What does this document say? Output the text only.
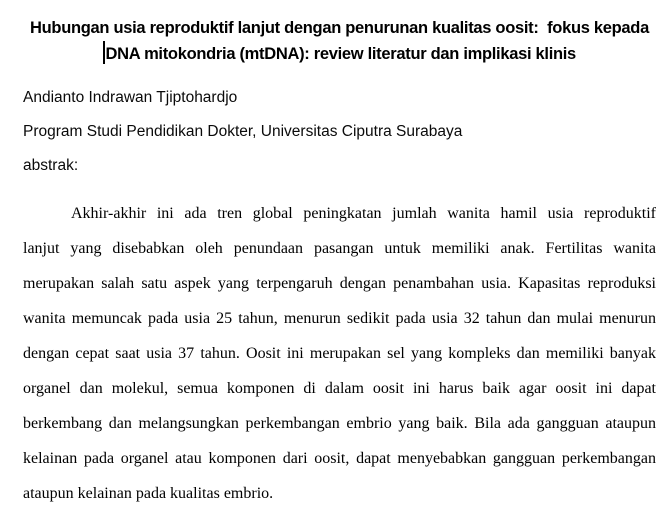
Hubungan usia reproduktif lanjut dengan penurunan kualitas oosit:  fokus kepada
DNA mitokondria (mtDNA): review literatur dan implikasi klinis

Andianto Indrawan Tjiptohardjo

Program Studi Pendidikan Dokter, Universitas Ciputra Surabaya

abstrak:

Akhir-akhir ini ada tren global peningkatan jumlah wanita hamil usia reproduktif
lanjut yang disebabkan oleh penundaan pasangan untuk memiliki anak. Fertilitas wanita
merupakan salah satu aspek yang terpengaruh dengan penambahan usia. Kapasitas reproduksi
wanita memuncak pada usia 25 tahun, menurun sedikit pada usia 32 tahun dan mulai menurun
dengan cepat saat usia 37 tahun. Oosit ini merupakan sel yang kompleks dan memiliki banyak
organel dan molekul, semua komponen di dalam oosit ini harus baik agar oosit ini dapat
berkembang dan melangsungkan perkembangan embrio yang baik. Bila ada gangguan ataupun
kelainan pada organel atau komponen dari oosit, dapat menyebabkan gangguan perkembangan
ataupun kelainan pada kualitas embrio.
